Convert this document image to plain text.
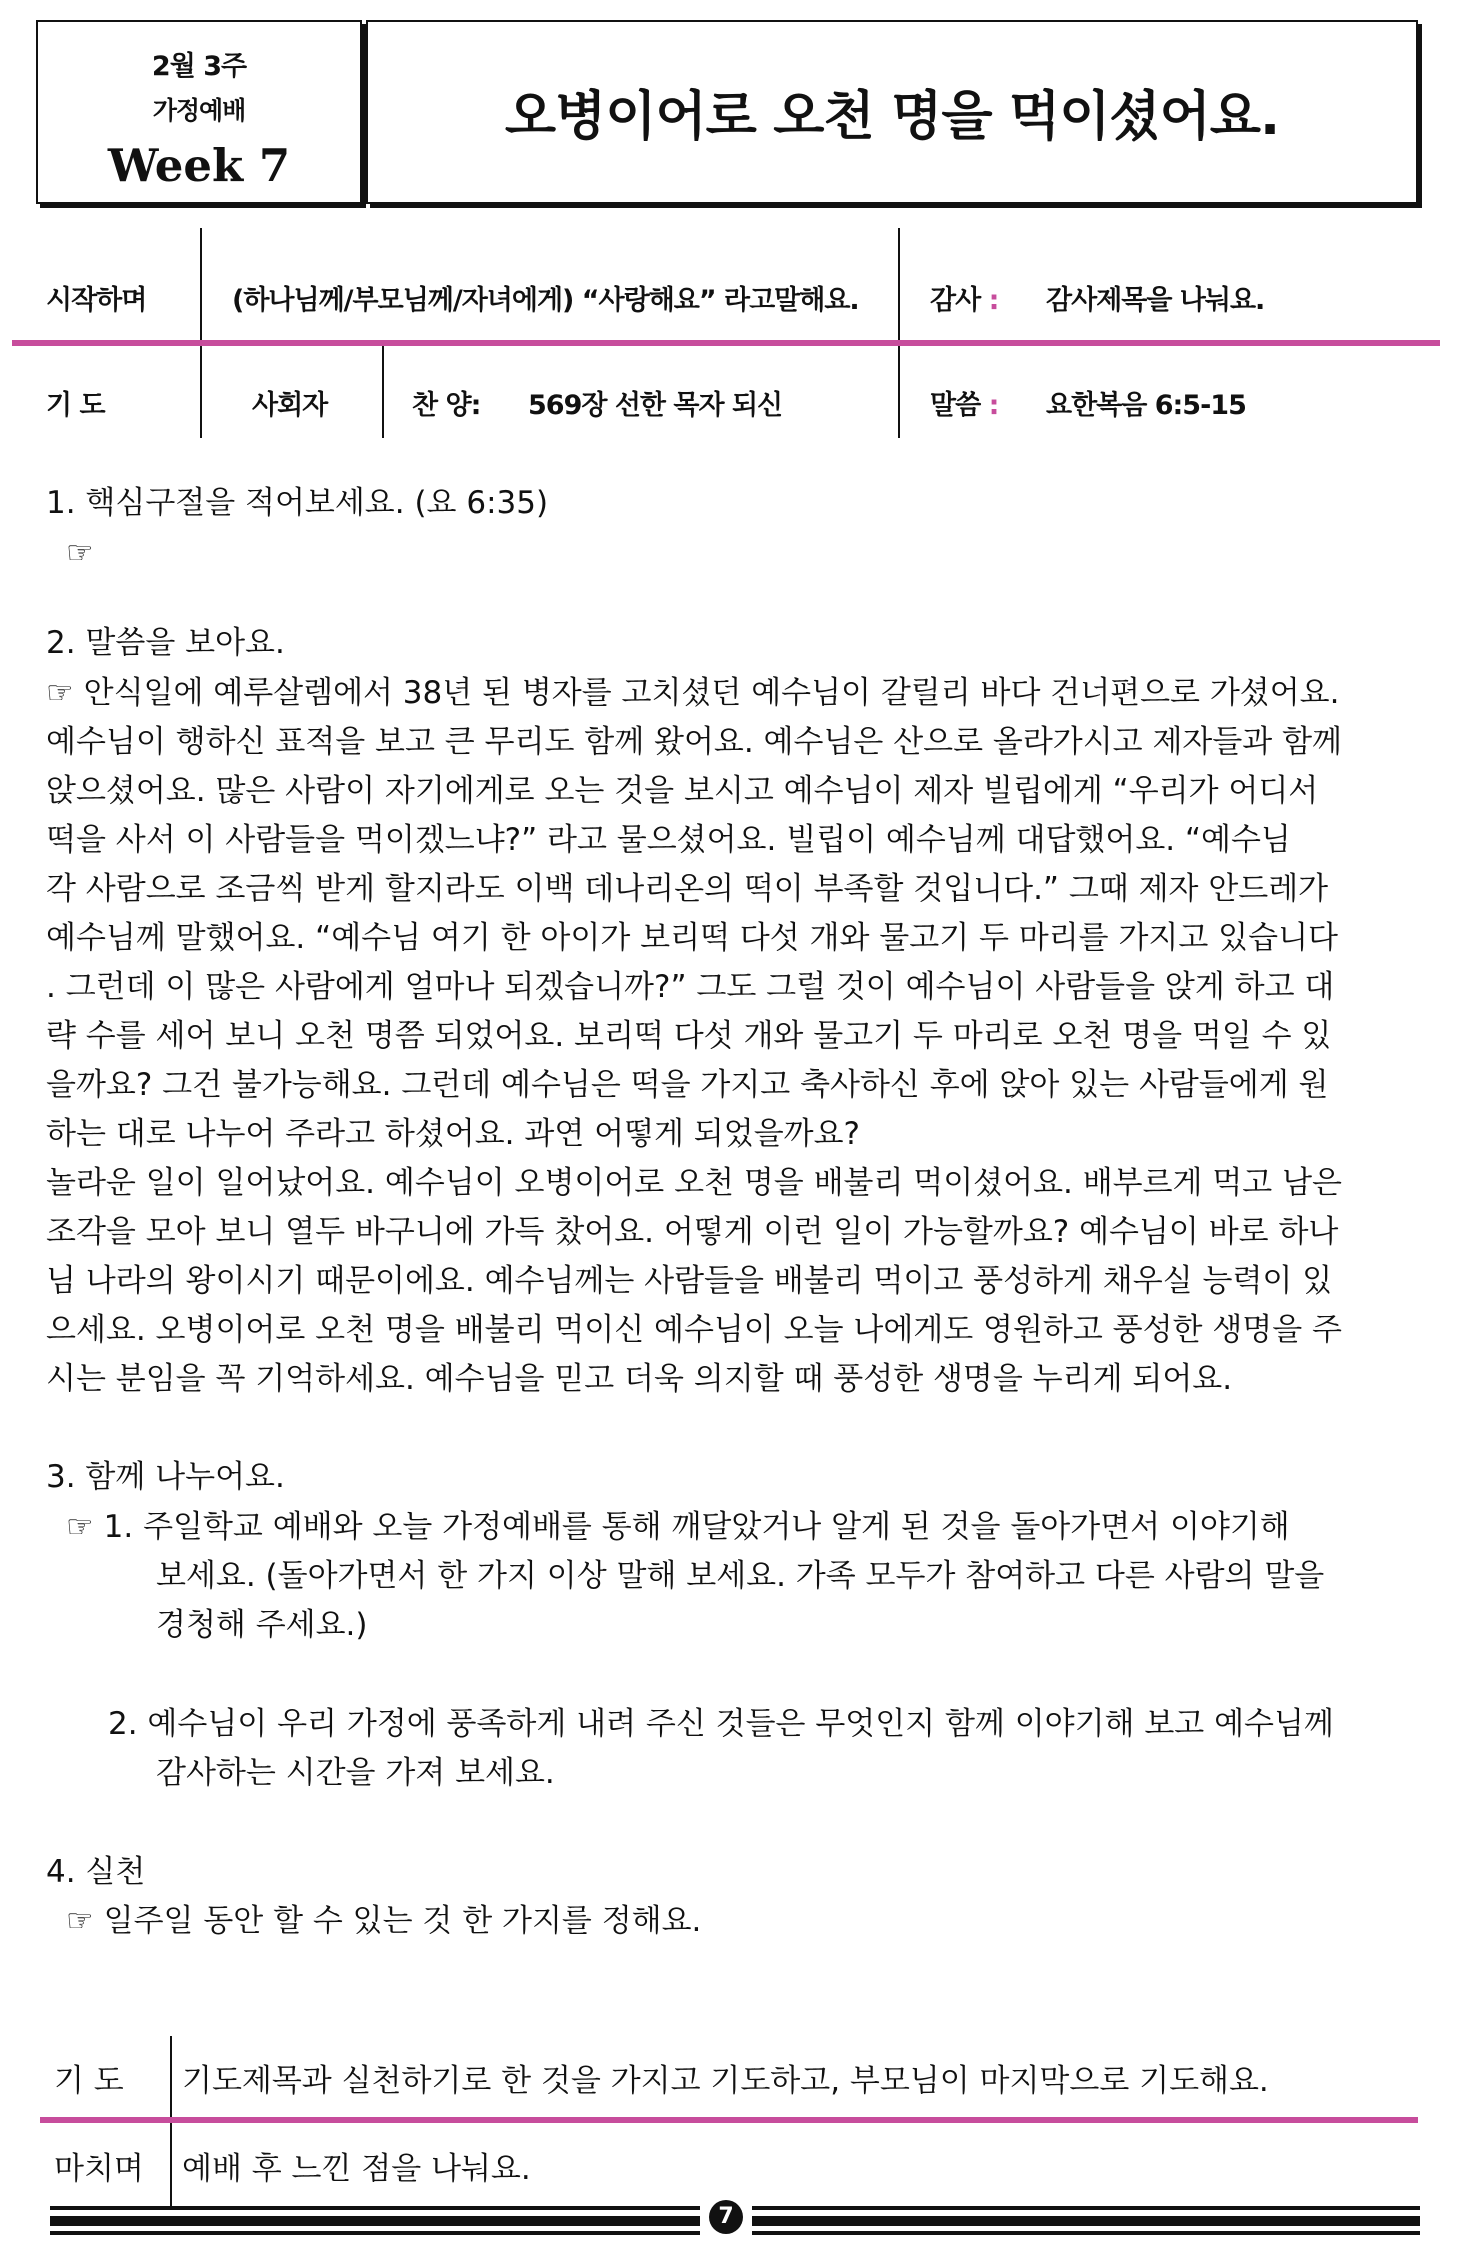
2월 3주
가정예배
Week 7
오병이어로 오천 명을 먹이셨어요.
시작하며	(하나님께/부모님께/자녀에게) “사랑해요” 라고말해요.	감사 : 감사제목을 나눠요.
기 도	사회자	찬 양: 569장 선한 목자 되신	말씀 : 요한복음 6:5-15
1. 핵심구절을 적어보세요. (요 6:35)
☞
2. 말씀을 보아요.
☞ 안식일에 예루살렘에서 38년 된 병자를 고치셨던 예수님이 갈릴리 바다 건너편으로 가셨어요.
예수님이 행하신 표적을 보고 큰 무리도 함께 왔어요. 예수님은 산으로 올라가시고 제자들과 함께
앉으셨어요. 많은 사람이 자기에게로 오는 것을 보시고 예수님이 제자 빌립에게 “우리가 어디서
떡을 사서 이 사람들을 먹이겠느냐?” 라고 물으셨어요. 빌립이 예수님께 대답했어요. “예수님
각 사람으로 조금씩 받게 할지라도 이백 데나리온의 떡이 부족할 것입니다.” 그때 제자 안드레가
예수님께 말했어요. “예수님 여기 한 아이가 보리떡 다섯 개와 물고기 두 마리를 가지고 있습니다
. 그런데 이 많은 사람에게 얼마나 되겠습니까?” 그도 그럴 것이 예수님이 사람들을 앉게 하고 대
략 수를 세어 보니 오천 명쯤 되었어요. 보리떡 다섯 개와 물고기 두 마리로 오천 명을 먹일 수 있
을까요? 그건 불가능해요. 그런데 예수님은 떡을 가지고 축사하신 후에 앉아 있는 사람들에게 원
하는 대로 나누어 주라고 하셨어요. 과연 어떻게 되었을까요?
놀라운 일이 일어났어요. 예수님이 오병이어로 오천 명을 배불리 먹이셨어요. 배부르게 먹고 남은
조각을 모아 보니 열두 바구니에 가득 찼어요. 어떻게 이런 일이 가능할까요? 예수님이 바로 하나
님 나라의 왕이시기 때문이에요. 예수님께는 사람들을 배불리 먹이고 풍성하게 채우실 능력이 있
으세요. 오병이어로 오천 명을 배불리 먹이신 예수님이 오늘 나에게도 영원하고 풍성한 생명을 주
시는 분임을 꼭 기억하세요. 예수님을 믿고 더욱 의지할 때 풍성한 생명을 누리게 되어요.
3. 함께 나누어요.
☞ 1. 주일학교 예배와 오늘 가정예배를 통해 깨달았거나 알게 된 것을 돌아가면서 이야기해
보세요. (돌아가면서 한 가지 이상 말해 보세요. 가족 모두가 참여하고 다른 사람의 말을
경청해 주세요.)
2. 예수님이 우리 가정에 풍족하게 내려 주신 것들은 무엇인지 함께 이야기해 보고 예수님께
감사하는 시간을 가져 보세요.
4. 실천
☞ 일주일 동안 할 수 있는 것 한 가지를 정해요.
기 도 기도제목과 실천하기로 한 것을 가지고 기도하고, 부모님이 마지막으로 기도해요.
마치며 예배 후 느낀 점을 나눠요.
7
